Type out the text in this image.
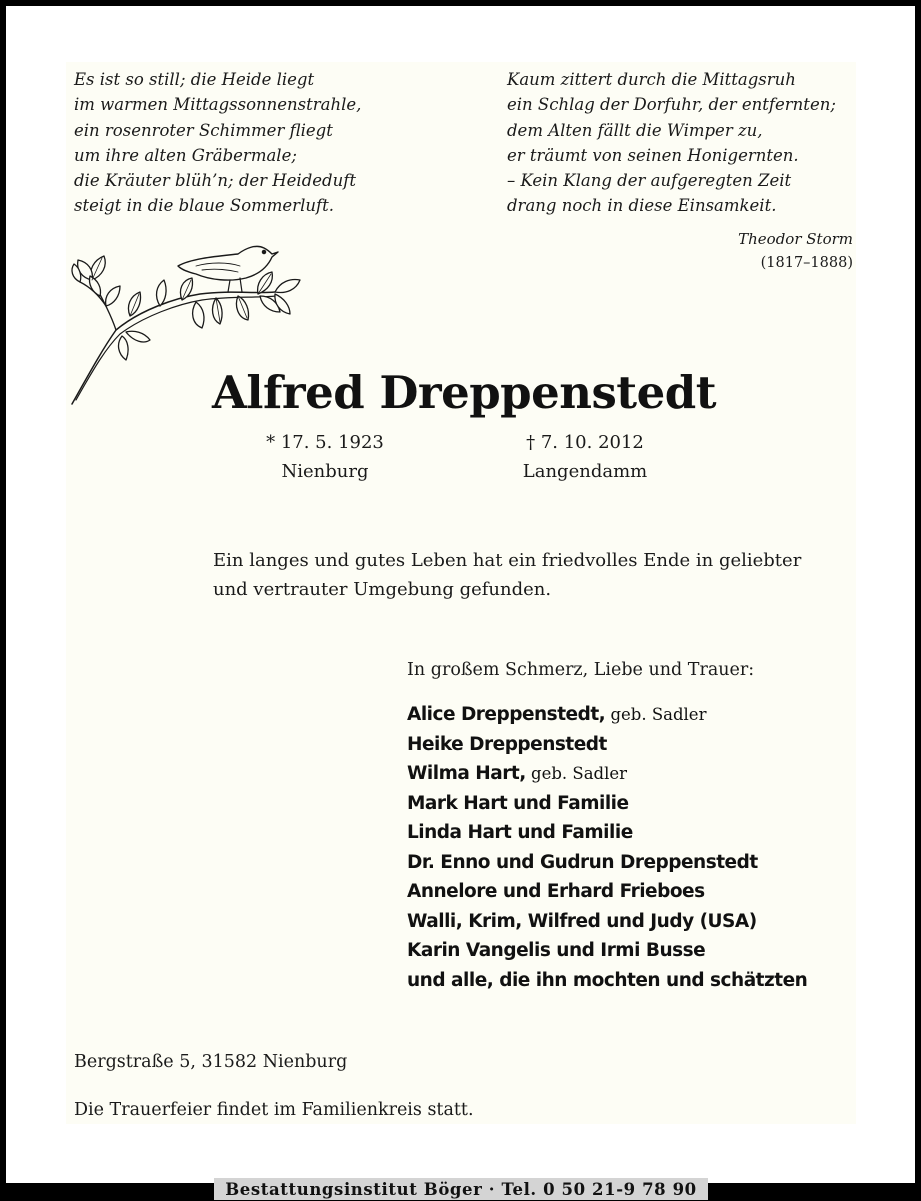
Es ist so still; die Heide liegt
im warmen Mittagssonnenstrahle,
ein rosenroter Schimmer fliegt
um ihre alten Gräbermale;
die Kräuter blüh’n; der Heideduft
steigt in die blaue Sommerluft.
Kaum zittert durch die Mittagsruh
ein Schlag der Dorfuhr, der entfernten;
dem Alten fällt die Wimper zu,
er träumt von seinen Honigernten.
– Kein Klang der aufgeregten Zeit
drang noch in diese Einsamkeit.
Theodor Storm
(1817–1888)
Alfred Dreppenstedt
* 17. 5. 1923
Nienburg
† 7. 10. 2012
Langendamm
Ein langes und gutes Leben hat ein friedvolles Ende in geliebter
und vertrauter Umgebung gefunden.
In großem Schmerz, Liebe und Trauer:
Alice Dreppenstedt, geb. Sadler
Heike Dreppenstedt
Wilma Hart, geb. Sadler
Mark Hart und Familie
Linda Hart und Familie
Dr. Enno und Gudrun Dreppenstedt
Annelore und Erhard Frieboes
Walli, Krim, Wilfred und Judy (USA)
Karin Vangelis und Irmi Busse
und alle, die ihn mochten und schätzten
Bergstraße 5, 31582 Nienburg
Die Trauerfeier findet im Familienkreis statt.
Bestattungsinstitut Böger · Tel. 0 50 21-9 78 90
